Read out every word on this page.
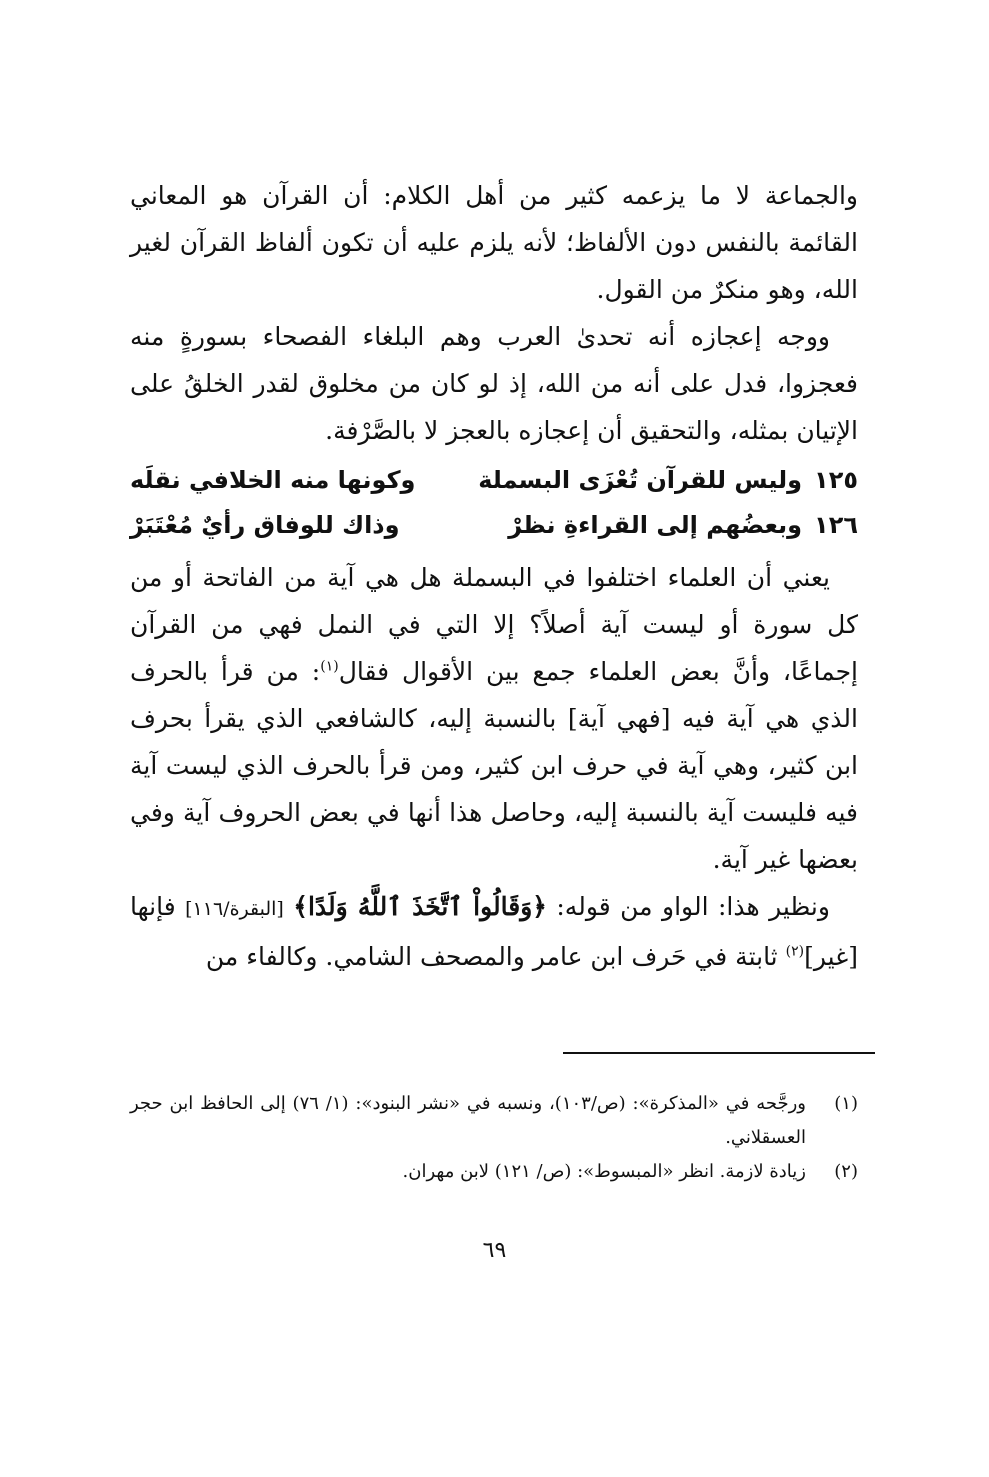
والجماعة لا ما يزعمه كثير من أهل الكلام: أن القرآن هو المعاني القائمة بالنفس دون الألفاظ؛ لأنه يلزم عليه أن تكون ألفاظ القرآن لغير الله، وهو منكرٌ من القول.

ووجه إعجازه أنه تحدىٰ العرب وهم البلغاء الفصحاء بسورةٍ منه فعجزوا، فدل على أنه من الله، إذ لو كان من مخلوق لقدر الخلقُ على الإتيان بمثله، والتحقيق أن إعجازه بالعجز لا بالصَّرْفة.

١٢٥
وليس للقرآن تُعْزَى البسملة
وكونها منه الخلافي نقلَه
١٢٦
وبعضُهم إلى القراءةِ نظرْ
وذاك للوفاق رأيٌ مُعْتَبَرْ

يعني أن العلماء اختلفوا في البسملة هل هي آية من الفاتحة أو من كل سورة أو ليست آية أصلاً؟ إلا التي في النمل فهي من القرآن إجماعًا، وأنَّ بعض العلماء جمع بين الأقوال فقال$^{(١)}$: من قرأ بالحرف الذي هي آية فيه [فهي آية] بالنسبة إليه، كالشافعي الذي يقرأ بحرف ابن كثير، وهي آية في حرف ابن كثير، ومن قرأ بالحرف الذي ليست آية فيه فليست آية بالنسبة إليه، وحاصل هذا أنها في بعض الحروف آية وفي بعضها غير آية.

ونظير هذا: الواو من قوله: ﴿وَقَالُواْ ٱتَّخَذَ ٱللَّهُ وَلَدًا﴾ [البقرة/١١٦] فإنها [غير]$^{(٢)}$ ثابتة في حَرف ابن عامر والمصحف الشامي. وكالفاء من

(١)
ورجَّحه في «المذكرة»: (ص/١٠٣)، ونسبه في «نشر البنود»: (١/ ٧٦) إلى الحافظ ابن حجر العسقلاني.
(٢)
زيادة لازمة. انظر «المبسوط»: (ص/ ١٢١) لابن مهران.
٦٩
